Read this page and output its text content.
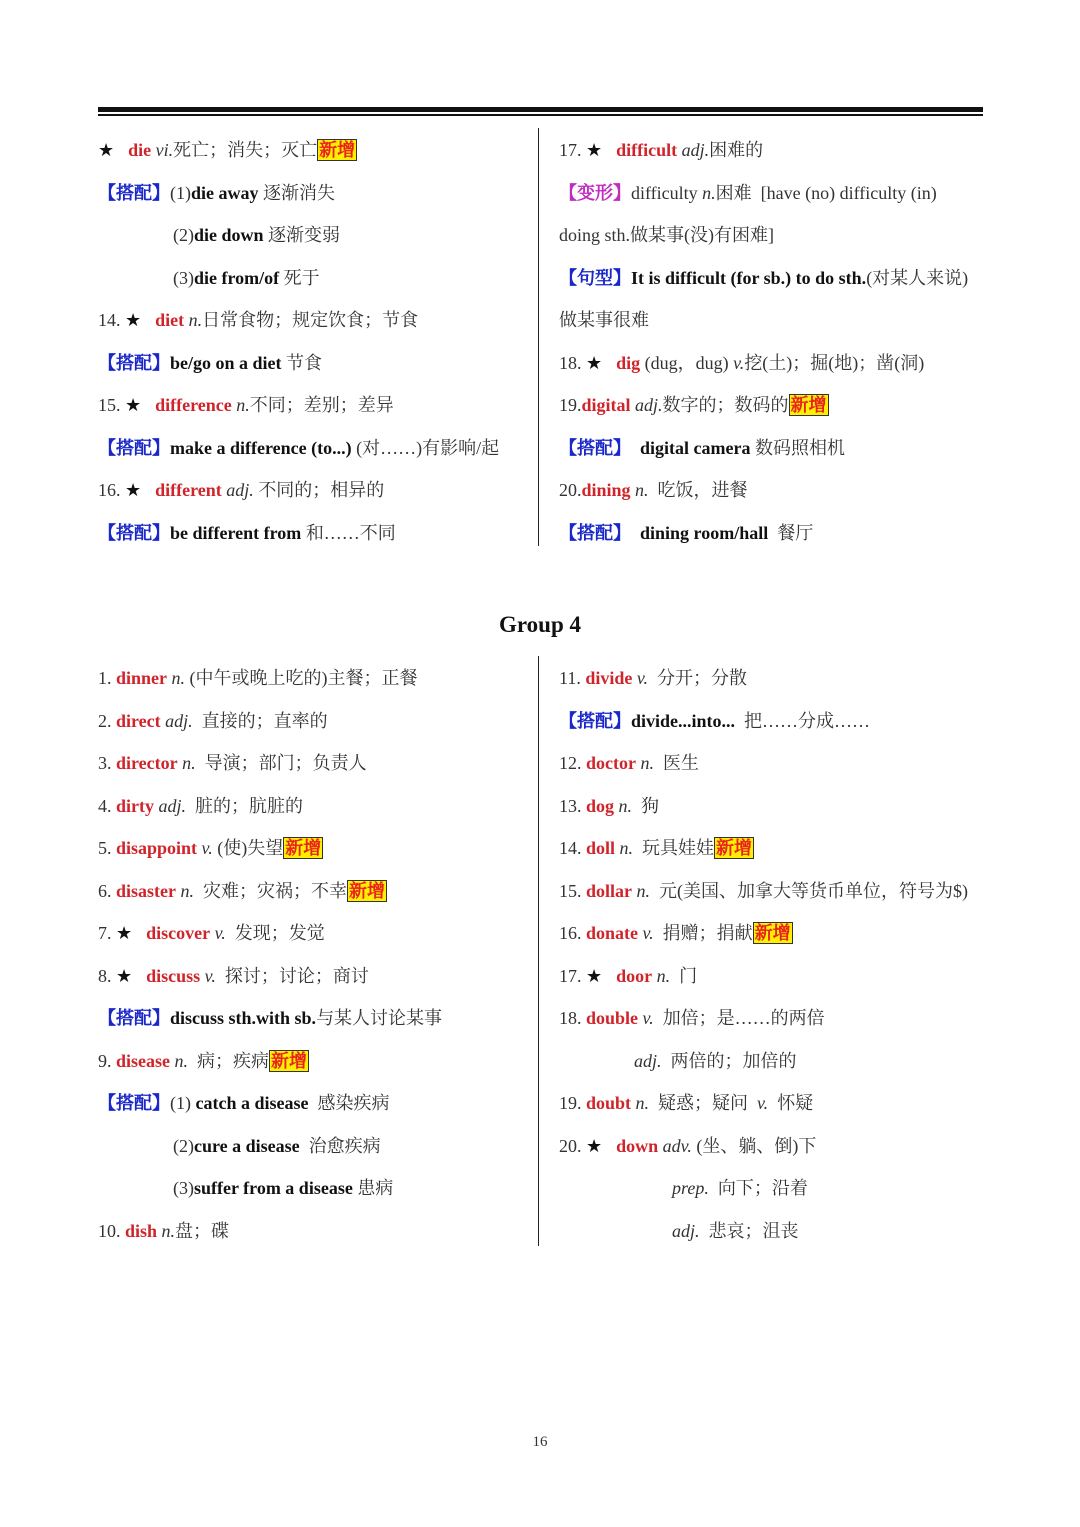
★ die vi.死亡；消失；灭亡 新增
【搭配】(1)die away 逐渐消失
(2)die down 逐渐变弱
(3)die from/of 死于
14. ★ diet n.日常食物；规定饮食；节食
【搭配】be/go on a diet 节食
15. ★ difference n.不同；差别；差异
【搭配】make a difference (to...) (对……)有影响/起
16. ★ different adj. 不同的；相异的
【搭配】be different from 和……不同
17. ★ difficult adj.困难的
【变形】difficulty n.困难  [have (no) difficulty (in)
doing sth.做某事(没)有困难]
【句型】It is difficult (for sb.) to do sth.(对某人来说)
做某事很难
18. ★ dig (dug，dug) v.挖(土)；掘(地)；凿(洞)
19.digital adj.数字的；数码的 新增
【搭配】  digital camera 数码照相机
20.dining n.  吃饭，进餐
【搭配】  dining room/hall  餐厅
Group 4
1. dinner n. (中午或晚上吃的)主餐；正餐
2. direct adj.  直接的；直率的
3. director n.  导演；部门；负责人
4. dirty adj.  脏的；肮脏的
5. disappoint v. (使)失望 新增
6. disaster n.  灾难；灾祸；不幸 新增
7. ★ discover v.  发现；发觉
8. ★ discuss v.  探讨；讨论；商讨
【搭配】discuss sth.with sb.与某人讨论某事
9. disease n.  病；疾病 新增
【搭配】(1) catch a disease  感染疾病
(2)cure a disease  治愈疾病
(3)suffer from a disease 患病
10. dish n.盘；碟
11. divide v.  分开；分散
【搭配】divide...into...  把……分成……
12. doctor n.  医生
13. dog n.  狗
14. doll n.  玩具娃娃 新增
15. dollar n.  元(美国、加拿大等货币单位，符号为$)
16. donate v.  捐赠；捐献 新增
17. ★ door n.  门
18. double v.  加倍；是……的两倍
adj.  两倍的；加倍的
19. doubt n.  疑惑；疑问  v.  怀疑
20. ★ down adv. (坐、躺、倒)下
prep.  向下；沿着
adj.  悲哀；沮丧
16
